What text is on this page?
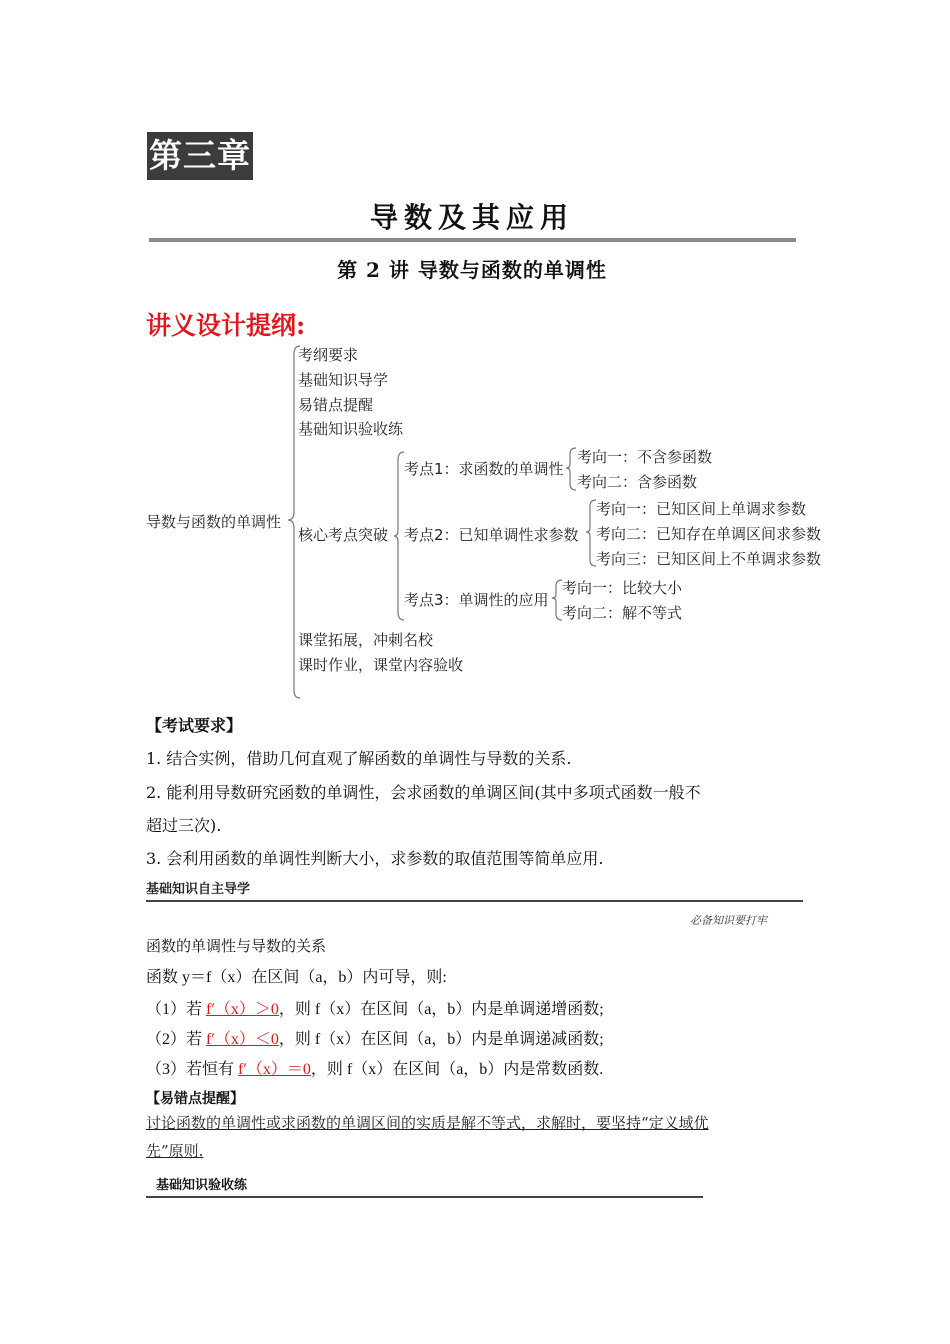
第三章
导数及其应用
第 2 讲 导数与函数的单调性
讲义设计提纲:
导数与函数的单调性
考纲要求
基础知识导学
易错点提醒
基础知识验收练
核心考点突破
考点1：求函数的单调性
考向一：不含参函数
考向二：含参函数
考点2：已知单调性求参数
考向一：已知区间上单调求参数
考向二：已知存在单调区间求参数
考向三：已知区间上不单调求参数
考点3：单调性的应用
考向一：比较大小
考向二：解不等式
课堂拓展，冲刺名校
课时作业，课堂内容验收
【考试要求】
1. 结合实例，借助几何直观了解函数的单调性与导数的关系.
2. 能利用导数研究函数的单调性，会求函数的单调区间(其中多项式函数一般不
超过三次).
3. 会利用函数的单调性判断大小，求参数的取值范围等简单应用.
基础知识自主导学
必备知识要打牢
函数的单调性与导数的关系
函数 y＝f（x）在区间（a，b）内可导，则:
（1）若 f′（x）＞0，则 f（x）在区间（a，b）内是单调递增函数;
（2）若 f′（x）＜0，则 f（x）在区间（a，b）内是单调递减函数;
（3）若恒有 f′（x）＝0，则 f（x）在区间（a，b）内是常数函数.
【易错点提醒】
讨论函数的单调性或求函数的单调区间的实质是解不等式，求解时，要坚持“定义域优
先”原则.
基础知识验收练
